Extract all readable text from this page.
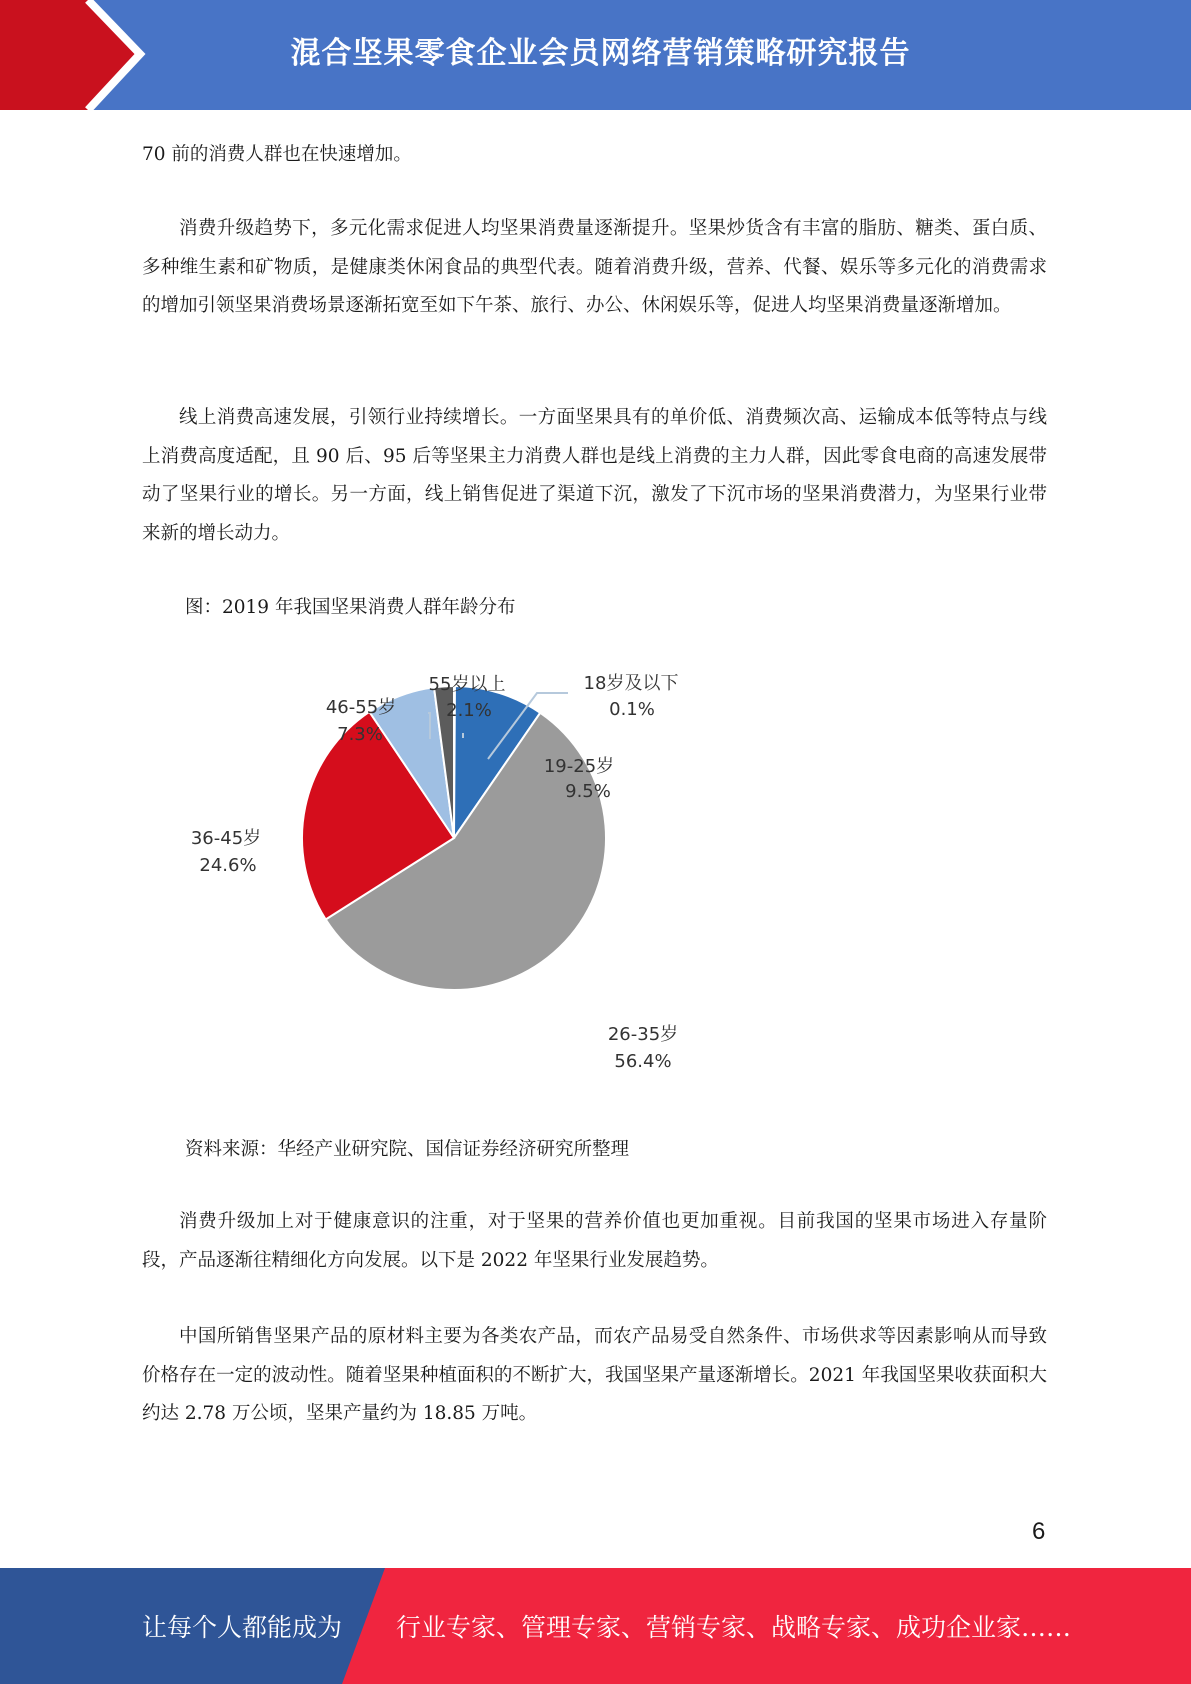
混合坚果零食企业会员网络营销策略研究报告

70 前的消费人群也在快速增加。

消费升级趋势下，多元化需求促进人均坚果消费量逐渐提升。坚果炒货含有丰富的脂肪、糖类、蛋白质、多种维生素和矿物质，是健康类休闲食品的典型代表。随着消费升级，营养、代餐、娱乐等多元化的消费需求的增加引领坚果消费场景逐渐拓宽至如下午茶、旅行、办公、休闲娱乐等，促进人均坚果消费量逐渐增加。

线上消费高速发展，引领行业持续增长。一方面坚果具有的单价低、消费频次高、运输成本低等特点与线上消费高度适配，且 90 后、95 后等坚果主力消费人群也是线上消费的主力人群，因此零食电商的高速发展带动了坚果行业的增长。另一方面，线上销售促进了渠道下沉，激发了下沉市场的坚果消费潜力，为坚果行业带来新的增长动力。

图：2019 年我国坚果消费人群年龄分布

18岁及以下
0.1%
19-25岁
9.5%
26-35岁
56.4%
36-45岁
24.6%
46-55岁
7.3%
55岁以上
2.1%

资料来源：华经产业研究院、国信证券经济研究所整理

消费升级加上对于健康意识的注重，对于坚果的营养价值也更加重视。目前我国的坚果市场进入存量阶段，产品逐渐往精细化方向发展。以下是 2022 年坚果行业发展趋势。

中国所销售坚果产品的原材料主要为各类农产品，而农产品易受自然条件、市场供求等因素影响从而导致价格存在一定的波动性。随着坚果种植面积的不断扩大，我国坚果产量逐渐增长。2021 年我国坚果收获面积大约达 2.78 万公顷，坚果产量约为 18.85 万吨。

6
让每个人都能成为 行业专家、管理专家、营销专家、战略专家、成功企业家……
